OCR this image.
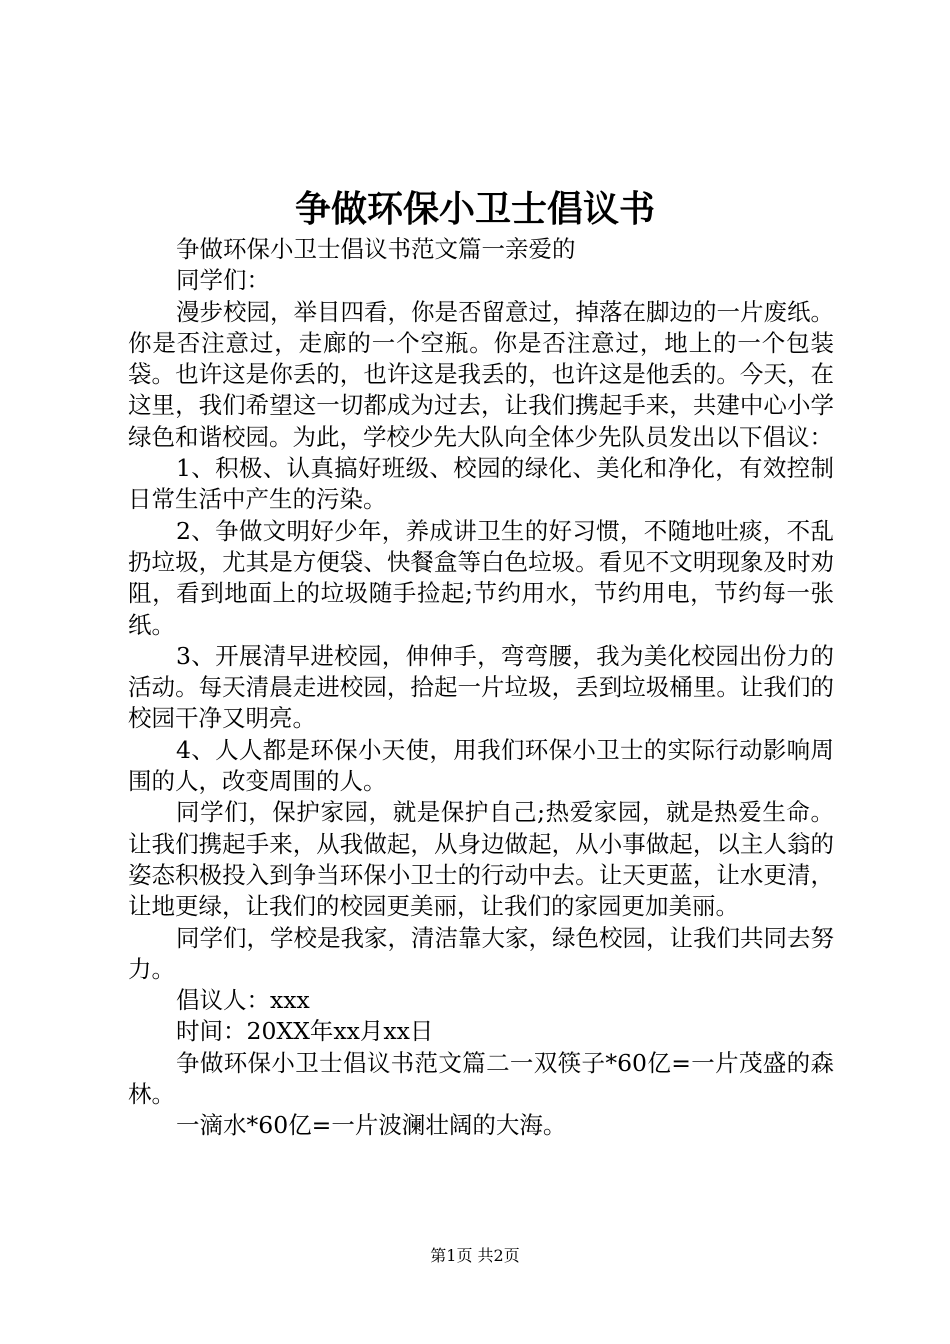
争做环保小卫士倡议书

争做环保小卫士倡议书范文篇一亲爱的

同学们：

漫步校园，举目四看，你是否留意过，掉落在脚边的一片废纸。你是否注意过，走廊的一个空瓶。你是否注意过，地上的一个包装袋。也许这是你丢的，也许这是我丢的，也许这是他丢的。今天，在这里，我们希望这一切都成为过去，让我们携起手来，共建中心小学绿色和谐校园。为此，学校少先大队向全体少先队员发出以下倡议：

1、积极、认真搞好班级、校园的绿化、美化和净化，有效控制日常生活中产生的污染。

2、争做文明好少年，养成讲卫生的好习惯，不随地吐痰，不乱扔垃圾，尤其是方便袋、快餐盒等白色垃圾。看见不文明现象及时劝阻，看到地面上的垃圾随手捡起;节约用水，节约用电，节约每一张纸。

3、开展清早进校园，伸伸手，弯弯腰，我为美化校园出份力的活动。每天清晨走进校园，拾起一片垃圾，丢到垃圾桶里。让我们的校园干净又明亮。

4、人人都是环保小天使，用我们环保小卫士的实际行动影响周围的人，改变周围的人。

同学们，保护家园，就是保护自己;热爱家园，就是热爱生命。让我们携起手来，从我做起，从身边做起，从小事做起，以主人翁的姿态积极投入到争当环保小卫士的行动中去。让天更蓝，让水更清，让地更绿，让我们的校园更美丽，让我们的家园更加美丽。

同学们，学校是我家，清洁靠大家，绿色校园，让我们共同去努力。

倡议人：xxx

时间：20XX年xx月xx日

争做环保小卫士倡议书范文篇二一双筷子*60亿=一片茂盛的森林。

一滴水*60亿=一片波澜壮阔的大海。

第1页 共2页
